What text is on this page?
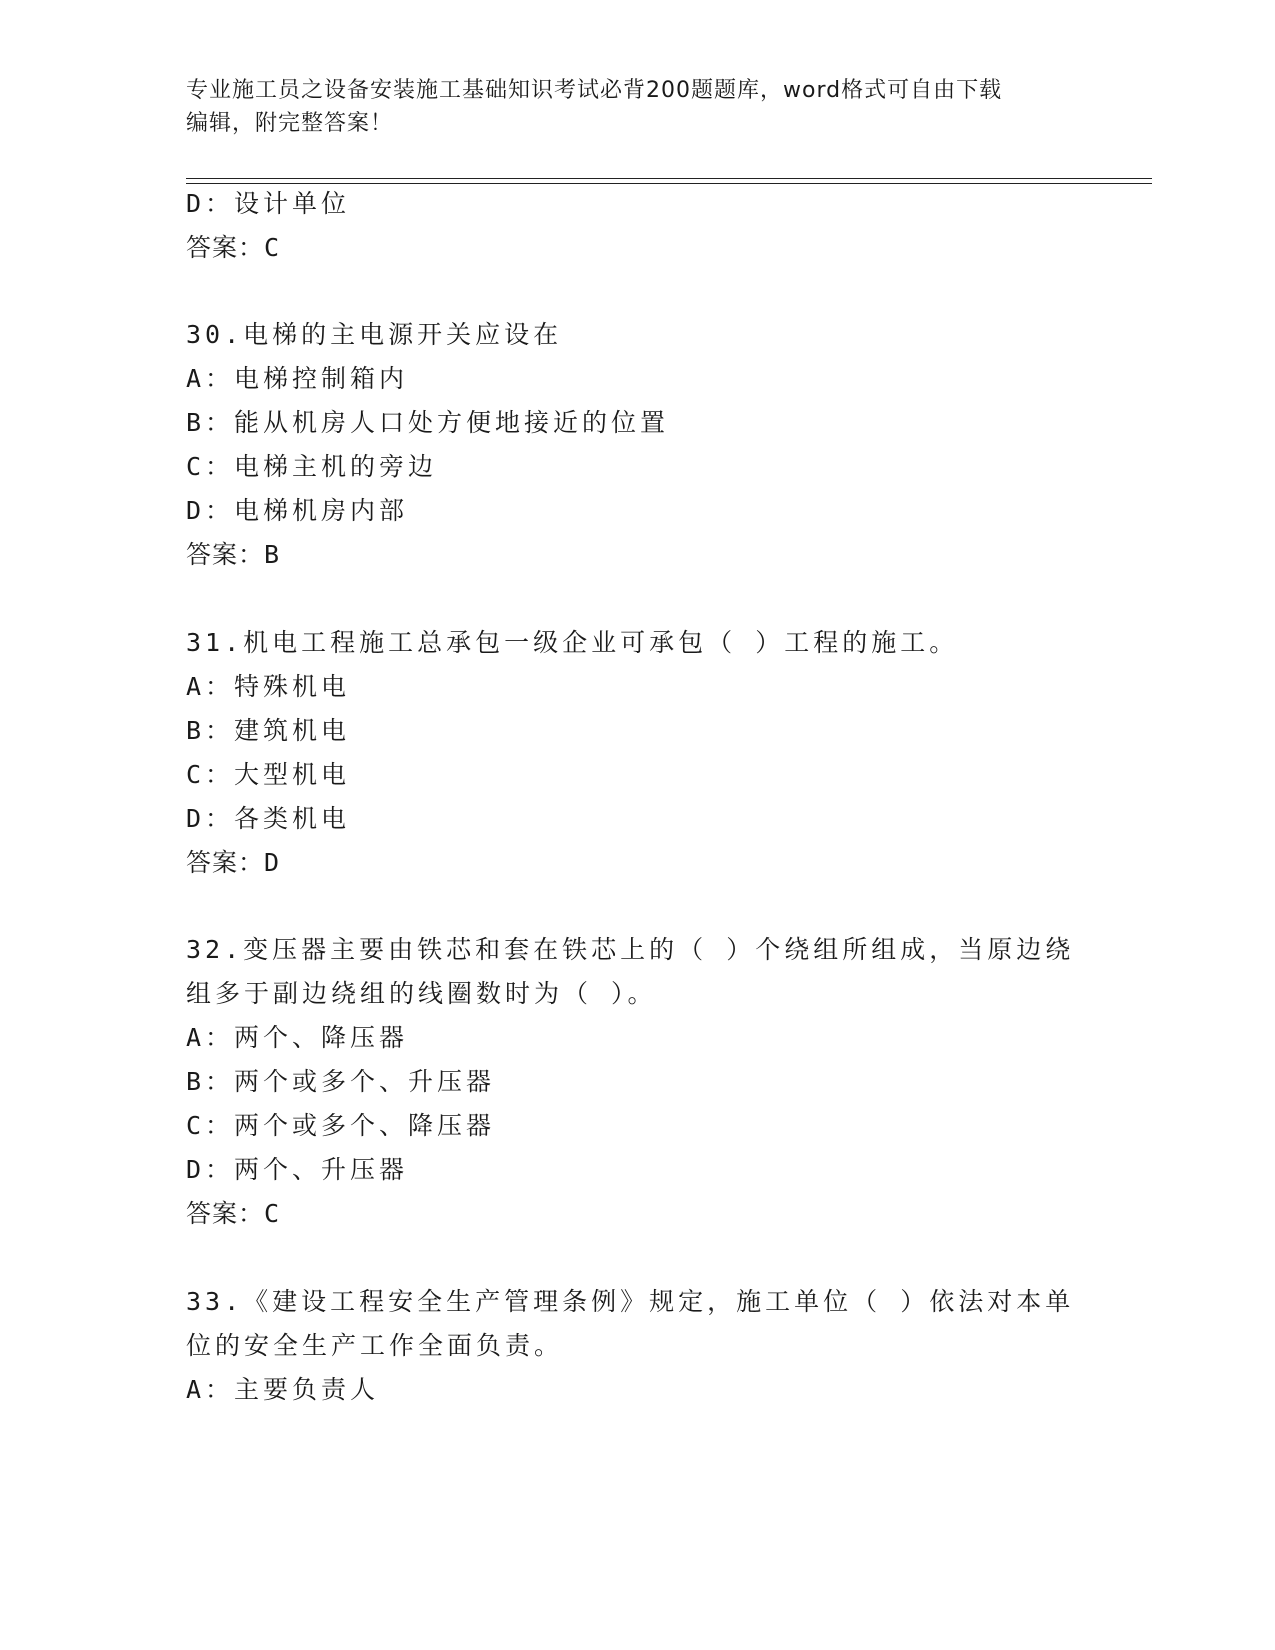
专业施工员之设备安装施工基础知识考试必背200题题库，word格式可自由下载
编辑，附完整答案！
D：设计单位
答案：C
30.电梯的主电源开关应设在
A：电梯控制箱内
B：能从机房人口处方便地接近的位置
C：电梯主机的旁边
D：电梯机房内部
答案：B
31.机电工程施工总承包一级企业可承包（ ）工程的施工。
A：特殊机电
B：建筑机电
C：大型机电
D：各类机电
答案：D
32.变压器主要由铁芯和套在铁芯上的（ ）个绕组所组成，当原边绕
组多于副边绕组的线圈数时为（ ）。
A：两个、降压器
B：两个或多个、升压器
C：两个或多个、降压器
D：两个、升压器
答案：C
33.《建设工程安全生产管理条例》规定，施工单位（ ）依法对本单
位的安全生产工作全面负责。
A：主要负责人
